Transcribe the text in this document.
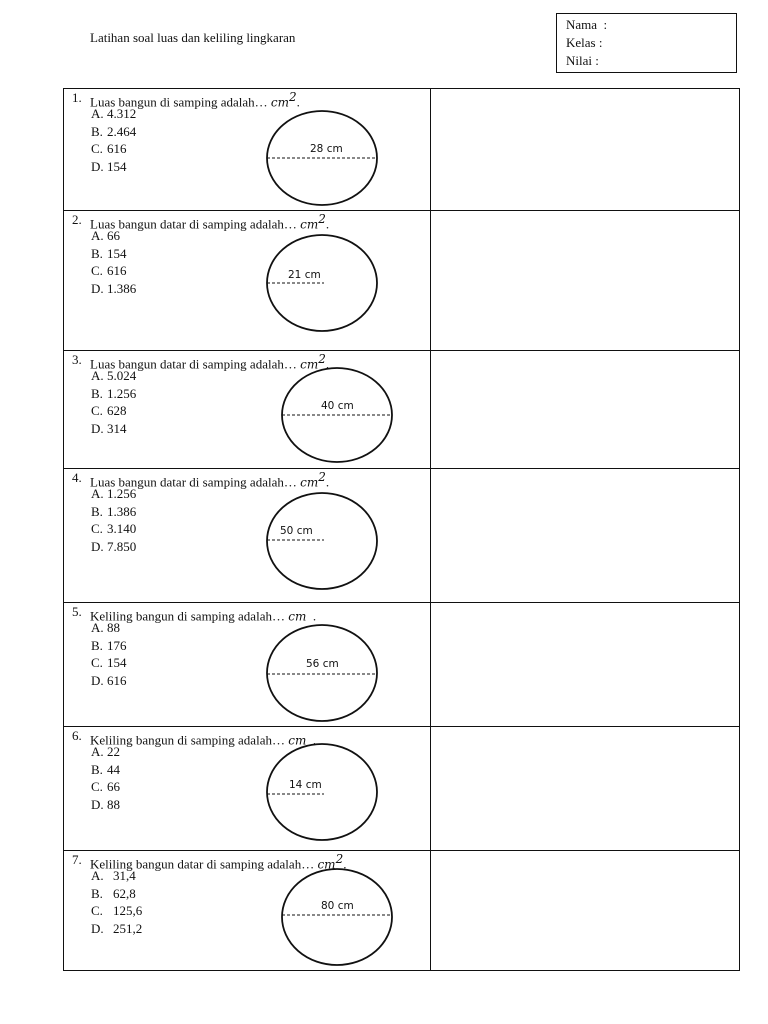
Latihan soal luas dan keliling lingkaran
Nama  :
Kelas :
Nilai :
1. Luas bangun di samping adalah… $cm^2$.
A. 4.312
B. 2.464
C. 616
D. 154
28 cm
2. Luas bangun datar di samping adalah… $cm^2$.
A. 66
B. 154
C. 616
D. 1.386
21 cm
3. Luas bangun datar di samping adalah… $cm^2$.
A. 5.024
B. 1.256
C. 628
D. 314
40 cm
4. Luas bangun datar di samping adalah… $cm^2$.
A. 1.256
B. 1.386
C. 3.140
D. 7.850
50 cm
5. Keliling bangun di samping adalah… cm  .
A. 88
B. 176
C. 154
D. 616
56 cm
6. Keliling bangun di samping adalah… cm  .
A. 22
B. 44
C. 66
D. 88
14 cm
7. Keliling bangun datar di samping adalah… $cm^2$.
A. 31,4
B. 62,8
C. 125,6
D. 251,2
80 cm
